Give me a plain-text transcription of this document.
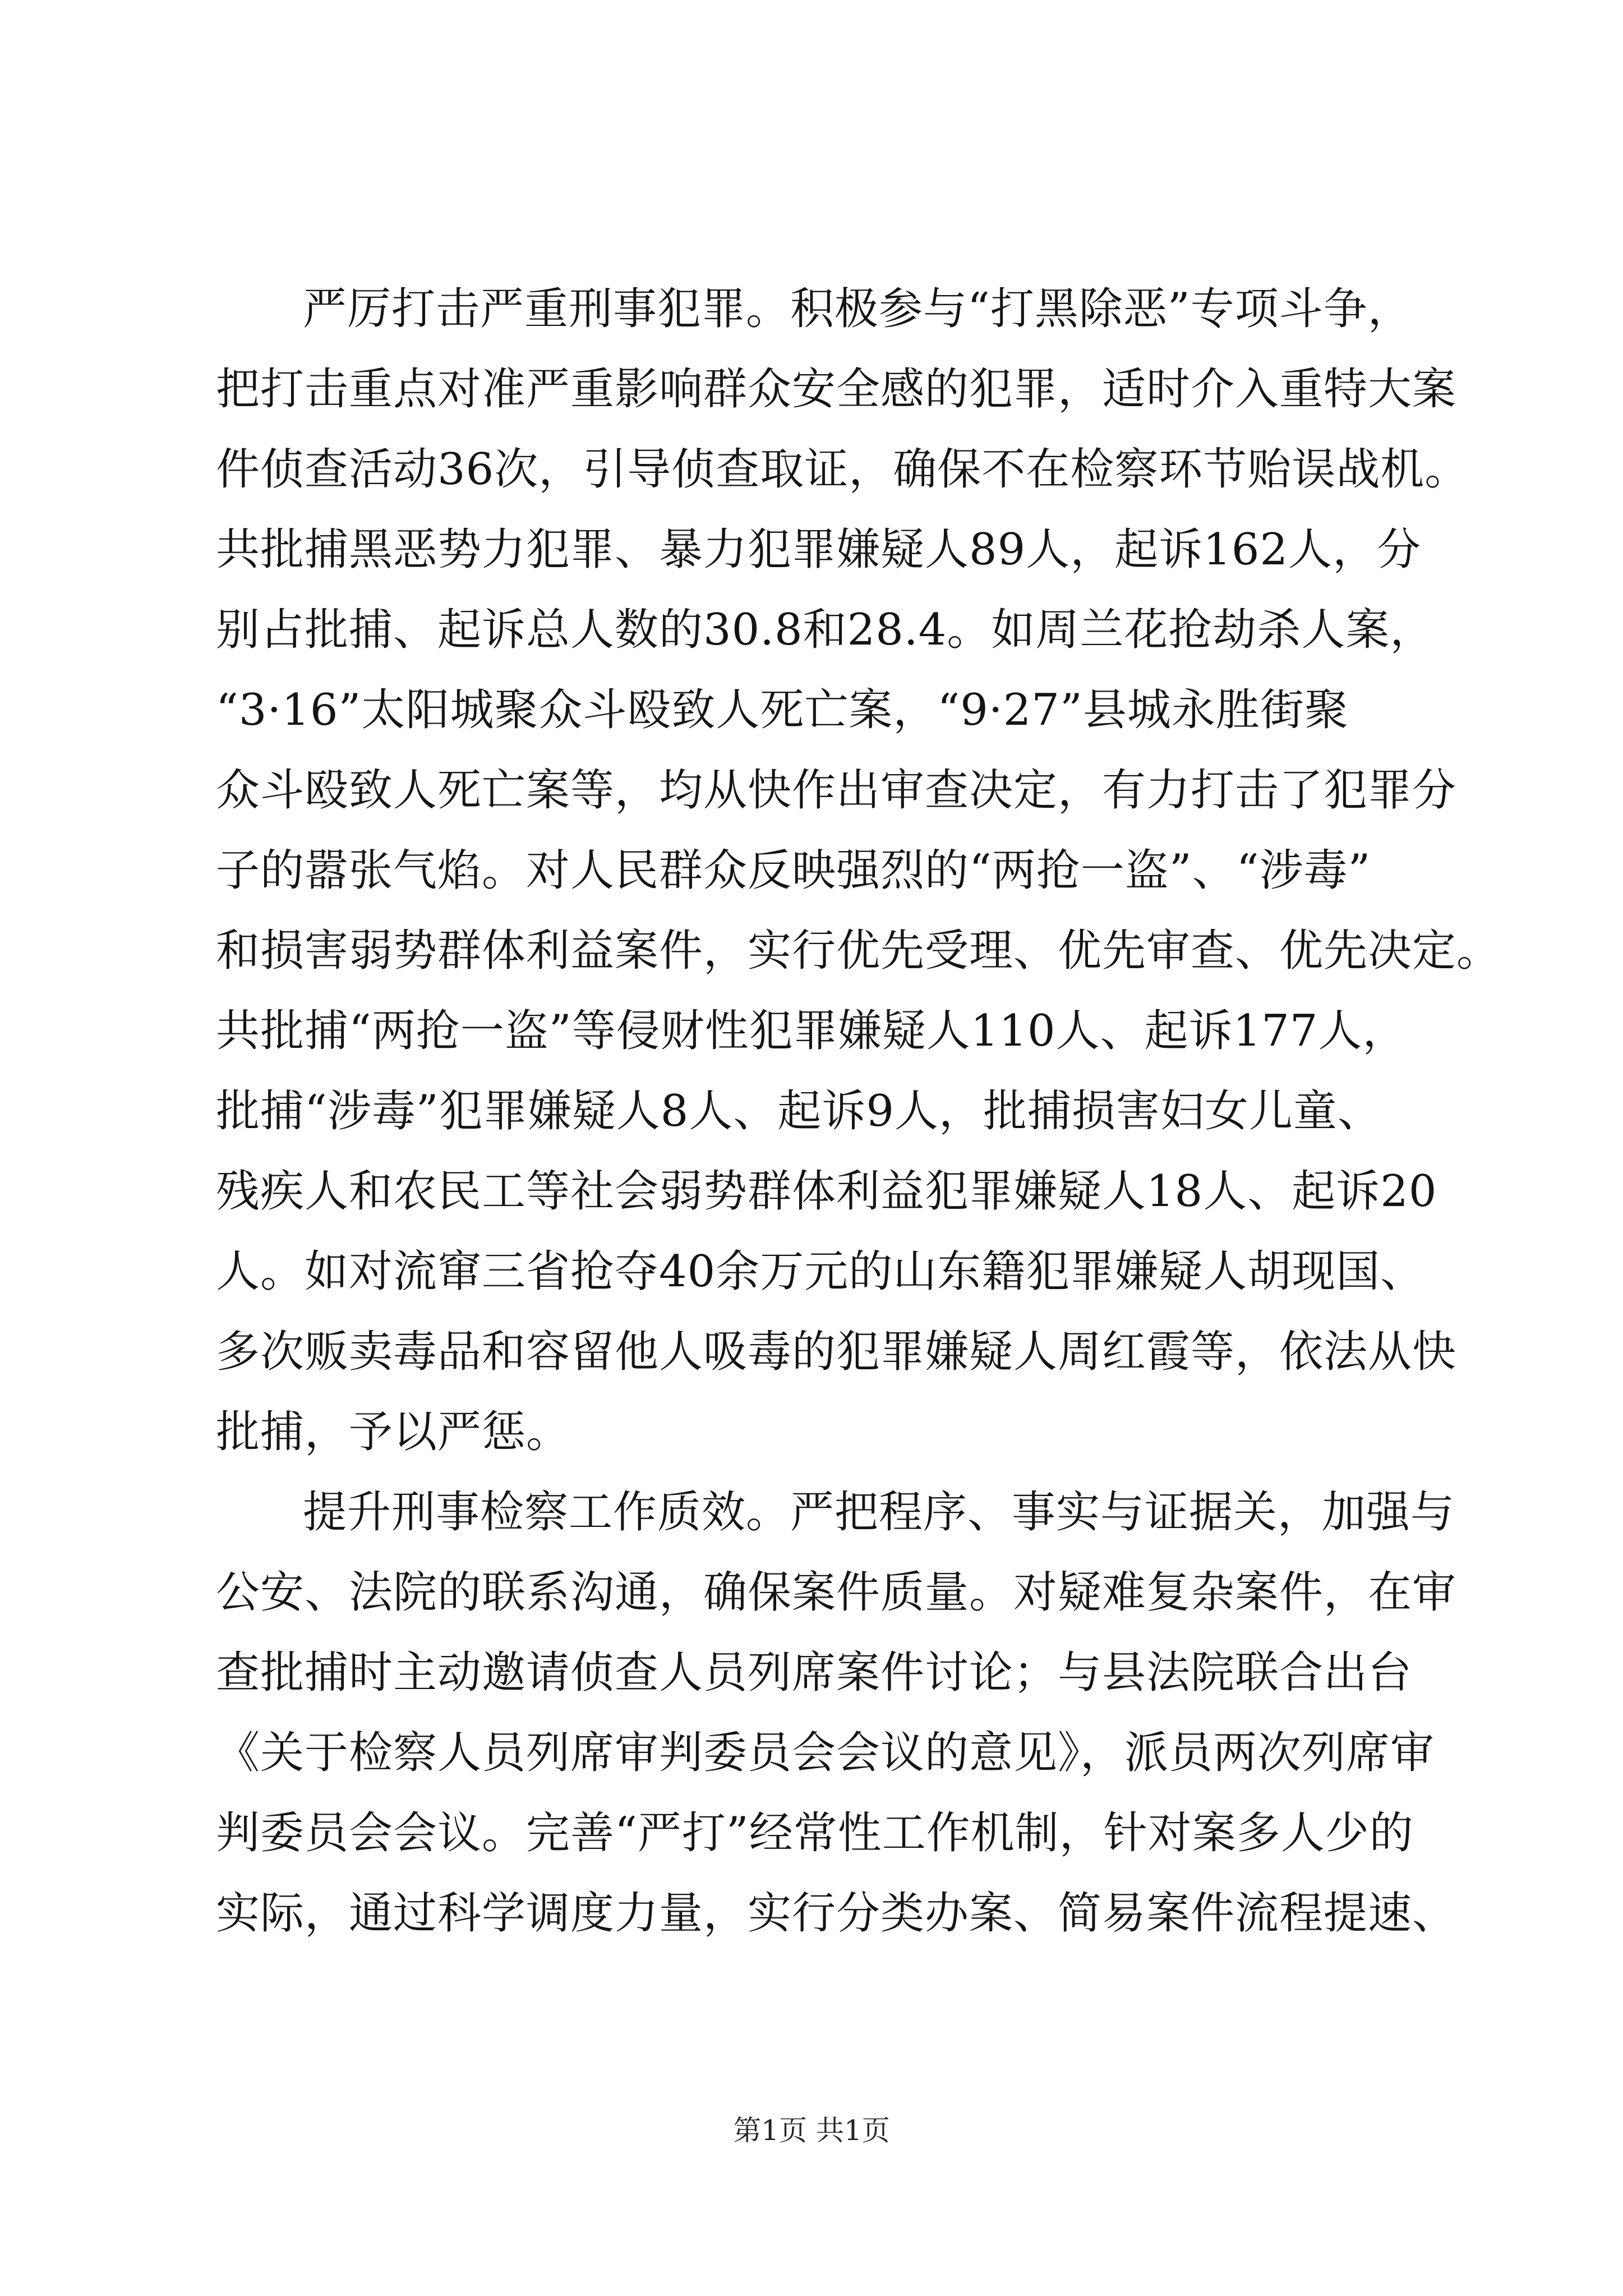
严厉打击严重刑事犯罪。积极参与“打黑除恶”专项斗争，
把打击重点对准严重影响群众安全感的犯罪，适时介入重特大案
件侦查活动36次，引导侦查取证，确保不在检察环节贻误战机。
共批捕黑恶势力犯罪、暴力犯罪嫌疑人89人，起诉162人，分
别占批捕、起诉总人数的30.8和28.4。如周兰花抢劫杀人案，
“3·16”太阳城聚众斗殴致人死亡案，“9·27”县城永胜街聚
众斗殴致人死亡案等，均从快作出审查决定，有力打击了犯罪分
子的嚣张气焰。对人民群众反映强烈的“两抢一盗”、“涉毒”
和损害弱势群体利益案件，实行优先受理、优先审查、优先决定。
共批捕“两抢一盗”等侵财性犯罪嫌疑人110人、起诉177人，
批捕“涉毒”犯罪嫌疑人8人、起诉9人，批捕损害妇女儿童、
残疾人和农民工等社会弱势群体利益犯罪嫌疑人18人、起诉20
人。如对流窜三省抢夺40余万元的山东籍犯罪嫌疑人胡现国、
多次贩卖毒品和容留他人吸毒的犯罪嫌疑人周红霞等，依法从快
批捕，予以严惩。
提升刑事检察工作质效。严把程序、事实与证据关，加强与
公安、法院的联系沟通，确保案件质量。对疑难复杂案件，在审
查批捕时主动邀请侦查人员列席案件讨论；与县法院联合出台
《关于检察人员列席审判委员会会议的意见》，派员两次列席审
判委员会会议。完善“严打”经常性工作机制，针对案多人少的
实际，通过科学调度力量，实行分类办案、简易案件流程提速、
第1页 共1页
